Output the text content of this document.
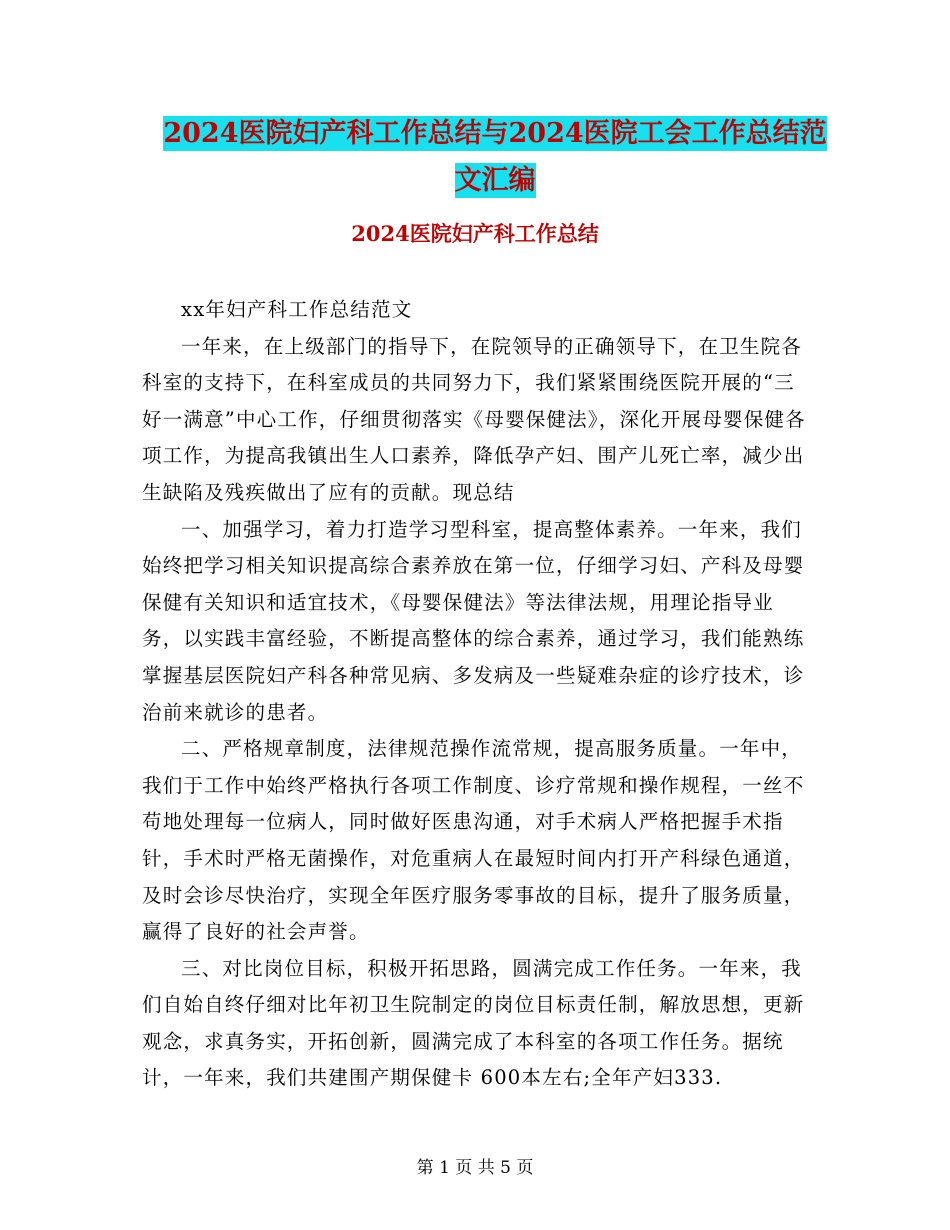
2024医院妇产科工作总结与2024医院工会工作总结范
文汇编
2024医院妇产科工作总结

xx年妇产科工作总结范文

一年来，在上级部门的指导下，在院领导的正确领导下，在卫生院各科室的支持下，在科室成员的共同努力下，我们紧紧围绕医院开展的“三好一满意”中心工作，仔细贯彻落实《母婴保健法》，深化开展母婴保健各项工作，为提高我镇出生人口素养，降低孕产妇、围产儿死亡率，减少出生缺陷及残疾做出了应有的贡献。现总结

一、加强学习，着力打造学习型科室，提高整体素养。一年来，我们始终把学习相关知识提高综合素养放在第一位，仔细学习妇、产科及母婴保健有关知识和适宜技术，《母婴保健法》等法律法规，用理论指导业务，以实践丰富经验，不断提高整体的综合素养，通过学习，我们能熟练掌握基层医院妇产科各种常见病、多发病及一些疑难杂症的诊疗技术，诊治前来就诊的患者。

二、严格规章制度，法律规范操作流常规，提高服务质量。一年中，我们于工作中始终严格执行各项工作制度、诊疗常规和操作规程，一丝不苟地处理每一位病人，同时做好医患沟通，对手术病人严格把握手术指针，手术时严格无菌操作，对危重病人在最短时间内打开产科绿色通道，及时会诊尽快治疗，实现全年医疗服务零事故的目标，提升了服务质量，赢得了良好的社会声誉。

三、对比岗位目标，积极开拓思路，圆满完成工作任务。一年来，我们自始自终仔细对比年初卫生院制定的岗位目标责任制，解放思想，更新观念，求真务实，开拓创新，圆满完成了本科室的各项工作任务。据统计，一年来，我们共建围产期保健卡 600本左右;全年产妇333.

第 1 页 共 5 页
